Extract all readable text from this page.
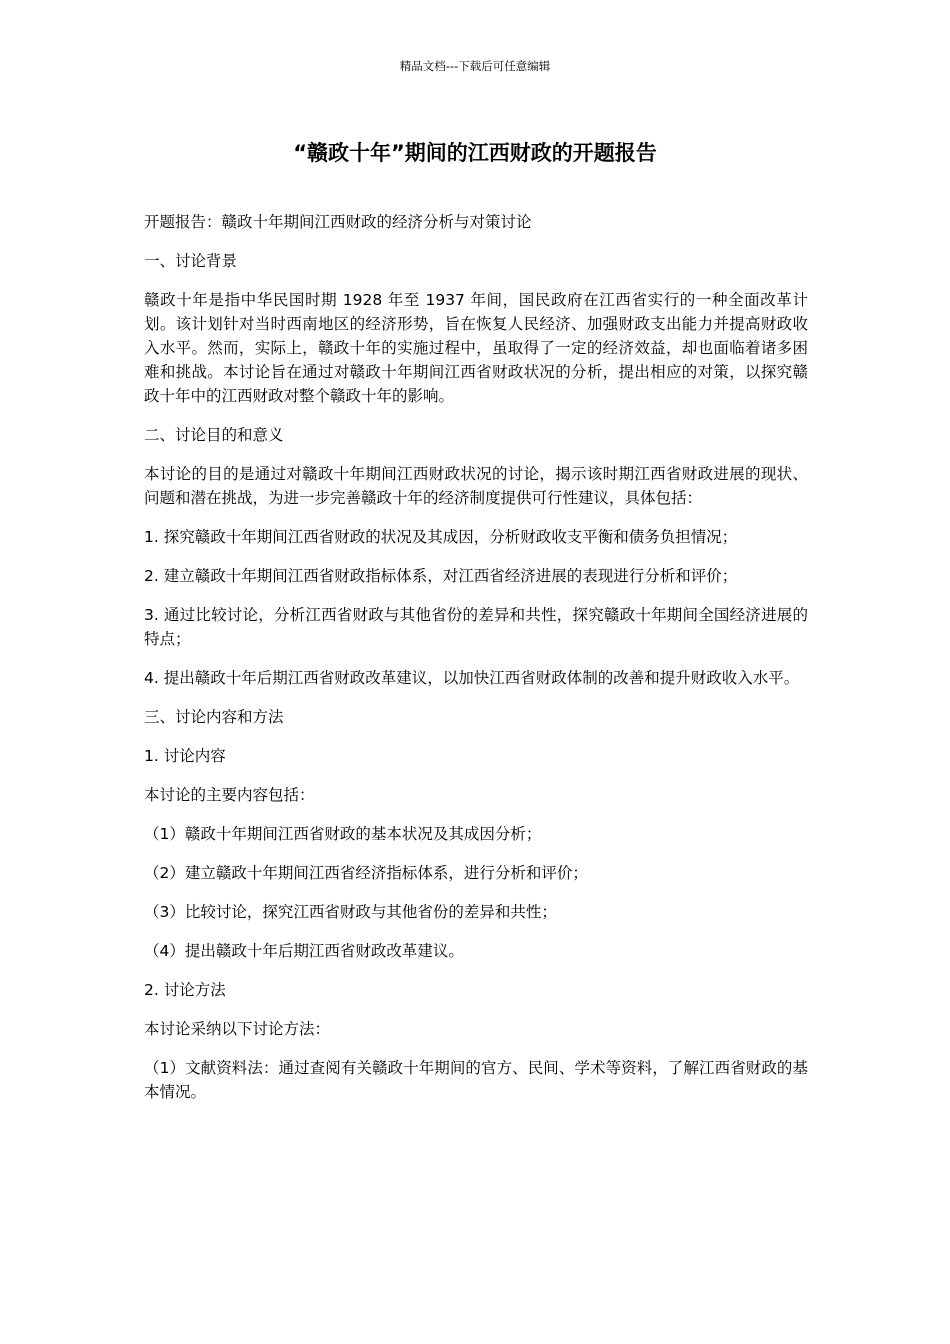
精品文档---下载后可任意编辑
“赣政十年”期间的江西财政的开题报告

开题报告：赣政十年期间江西财政的经济分析与对策讨论

一、讨论背景

赣政十年是指中华民国时期 1928 年至 1937 年间，国民政府在江西省实行的一种全面改革计划。该计划针对当时西南地区的经济形势，旨在恢复人民经济、加强财政支出能力并提高财政收入水平。然而，实际上，赣政十年的实施过程中，虽取得了一定的经济效益，却也面临着诸多困难和挑战。本讨论旨在通过对赣政十年期间江西省财政状况的分析，提出相应的对策，以探究赣政十年中的江西财政对整个赣政十年的影响。

二、讨论目的和意义

本讨论的目的是通过对赣政十年期间江西财政状况的讨论，揭示该时期江西省财政进展的现状、问题和潜在挑战，为进一步完善赣政十年的经济制度提供可行性建议，具体包括：

1. 探究赣政十年期间江西省财政的状况及其成因，分析财政收支平衡和债务负担情况；

2. 建立赣政十年期间江西省财政指标体系，对江西省经济进展的表现进行分析和评价；

3. 通过比较讨论，分析江西省财政与其他省份的差异和共性，探究赣政十年期间全国经济进展的特点；

4. 提出赣政十年后期江西省财政改革建议，以加快江西省财政体制的改善和提升财政收入水平。

三、讨论内容和方法

1. 讨论内容

本讨论的主要内容包括：

（1）赣政十年期间江西省财政的基本状况及其成因分析；

（2）建立赣政十年期间江西省经济指标体系，进行分析和评价；

（3）比较讨论，探究江西省财政与其他省份的差异和共性；

（4）提出赣政十年后期江西省财政改革建议。

2. 讨论方法

本讨论采纳以下讨论方法：

（1）文献资料法：通过查阅有关赣政十年期间的官方、民间、学术等资料，了解江西省财政的基本情况。
